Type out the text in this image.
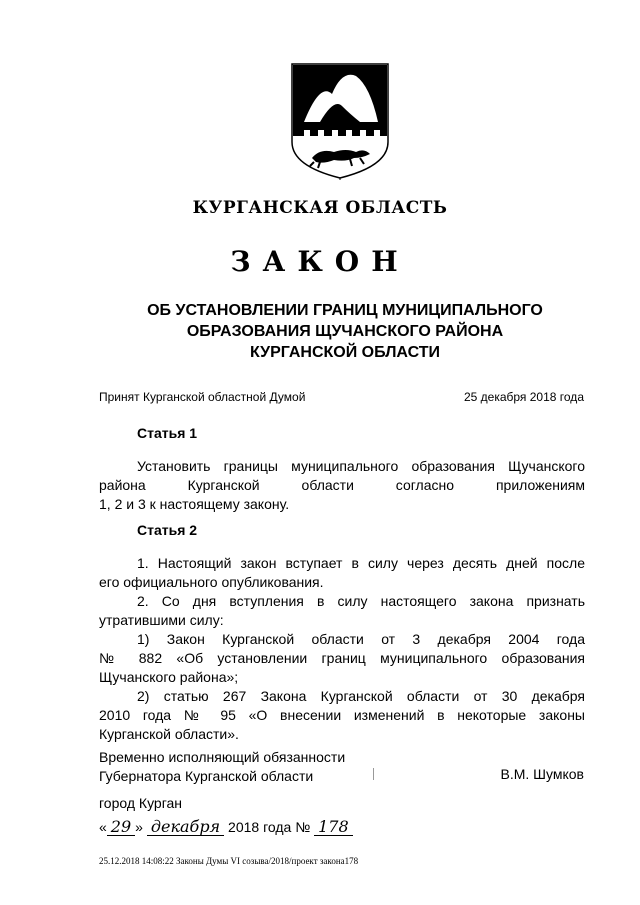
КУРГАНСКАЯ ОБЛАСТЬ
ЗАКОН
ОБ УСТАНОВЛЕНИИ ГРАНИЦ МУНИЦИПАЛЬНОГО
ОБРАЗОВАНИЯ ЩУЧАНСКОГО РАЙОНА
КУРГАНСКОЙ ОБЛАСТИ
Принят Курганской областной Думой	25 декабря 2018 года
Статья 1
Установить границы муниципального образования Щучанского
района Курганской области согласно приложениям
1, 2 и 3 к настоящему закону.
Статья 2
1. Настоящий закон вступает в силу через десять дней после
его официального опубликования.
2. Со дня вступления в силу настоящего закона признать
утратившими силу:
1) Закон Курганской области от 3 декабря 2004 года
№ 882 «Об установлении границ муниципального образования
Щучанского района»;
2) статью 267 Закона Курганской области от 30 декабря
2010 года № 95 «О внесении изменений в некоторые законы
Курганской области».
Временно исполняющий обязанности
Губернатора Курганской области	В.М. Шумков
город Курган
« 29 » декабря 2018 года № 178
25.12.2018 14:08:22 Законы Думы VI созыва/2018/проект закона178
